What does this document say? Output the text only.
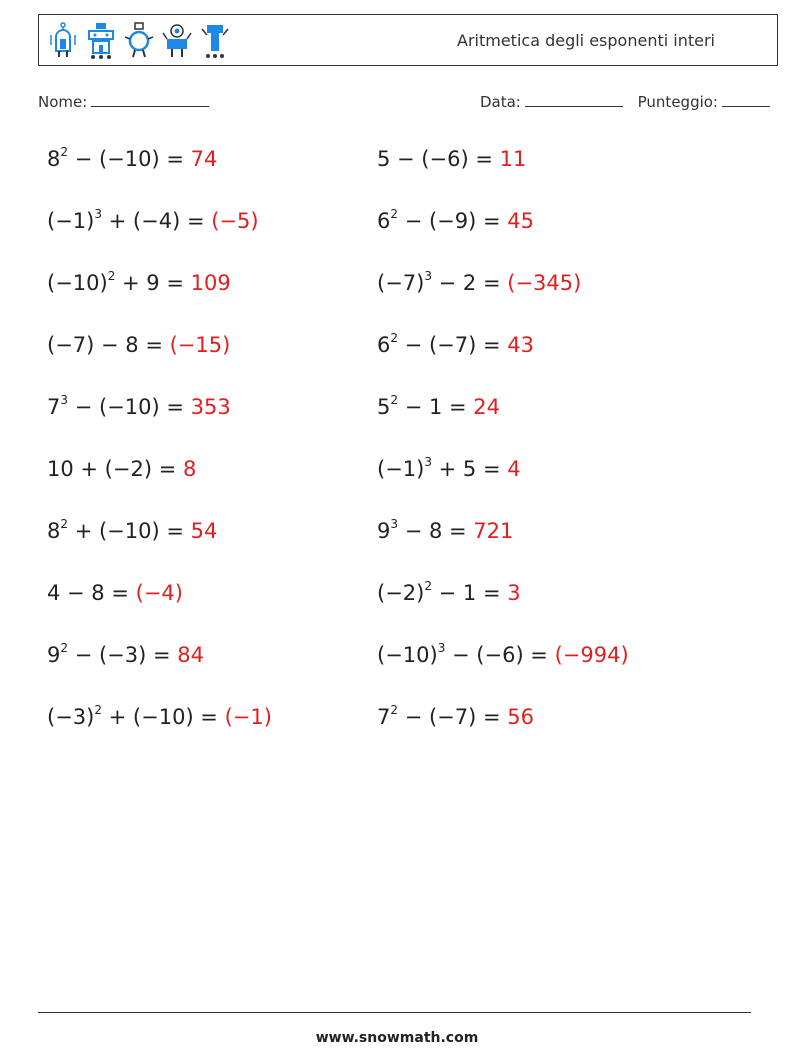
Aritmetica degli esponenti interi
Nome:	Data:	Punteggio:
$8^2 - (-10) = 74$	5 − (−6) = 11
$(-1)^3 + (-4) = (-5)$	$6^2 - (-9) = 45$
$(-10)^2 + 9 = 109$	$(-7)^3 - 2 = (-345)$
(−7) − 8 = (−15)	$6^2 - (-7) = 43$
$7^3 - (-10) = 353$	$5^2 - 1 = 24$
10 + (−2) = 8	$(-1)^3 + 5 = 4$
$8^2 + (-10) = 54$	$9^3 - 8 = 721$
4 − 8 = (−4)	$(-2)^2 - 1 = 3$
$9^2 - (-3) = 84$	$(-10)^3 - (-6) = (-994)$
$(-3)^2 + (-10) = (-1)$	$7^2 - (-7) = 56$
www.snowmath.com
